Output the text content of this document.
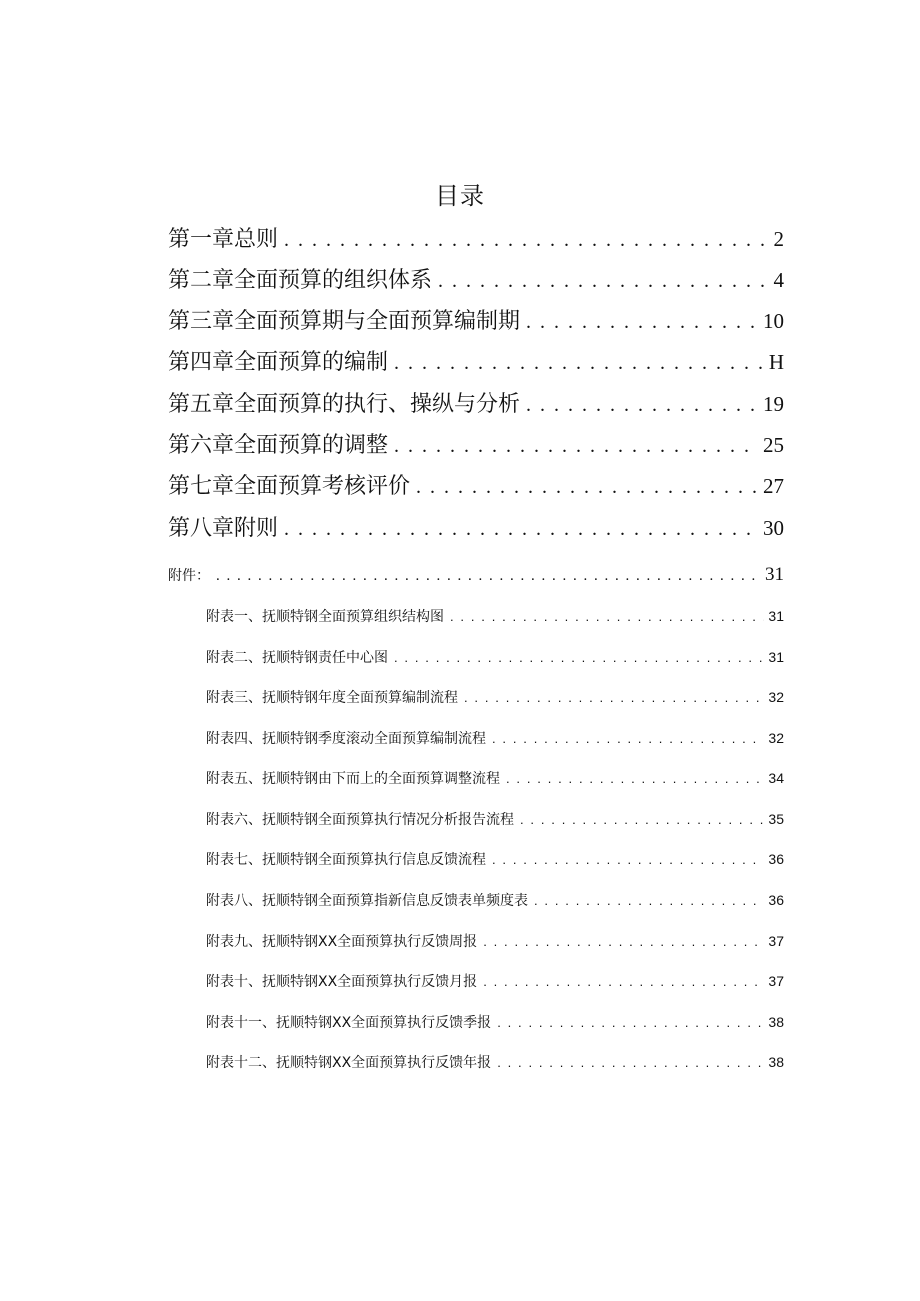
目录
第一章总则 . . .	2
第二章全面预算的组织体系 . . .	4
第三章全面预算期与全面预算编制期 . . .	10
第四章全面预算的编制 . . .	H
第五章全面预算的执行、操纵与分析 . . .	19
第六章全面预算的调整 . . .	25
第七章全面预算考核评价 . . .	27
第八章附则 . . .	30
附件： . . .	31
附表一、抚顺特钢全面预算组织结构图 . . .	31
附表二、抚顺特钢责任中心图 . . .	31
附表三、抚顺特钢年度全面预算编制流程 . . .	32
附表四、抚顺特钢季度滚动全面预算编制流程 . . .	32
附表五、抚顺特钢由下而上的全面预算调整流程 . . .	34
附表六、抚顺特钢全面预算执行情况分析报告流程 . . .	35
附表七、抚顺特钢全面预算执行信息反馈流程 . . .	36
附表八、抚顺特钢全面预算指新信息反馈表单频度表 . . .	36
附表九、抚顺特钢XX全面预算执行反馈周报 . . .	37
附表十、抚顺特钢XX全面预算执行反馈月报 . . .	37
附表十一、抚顺特钢XX全面预算执行反馈季报 . . .	38
附表十二、抚顺特钢XX全面预算执行反馈年报 . . .	38
